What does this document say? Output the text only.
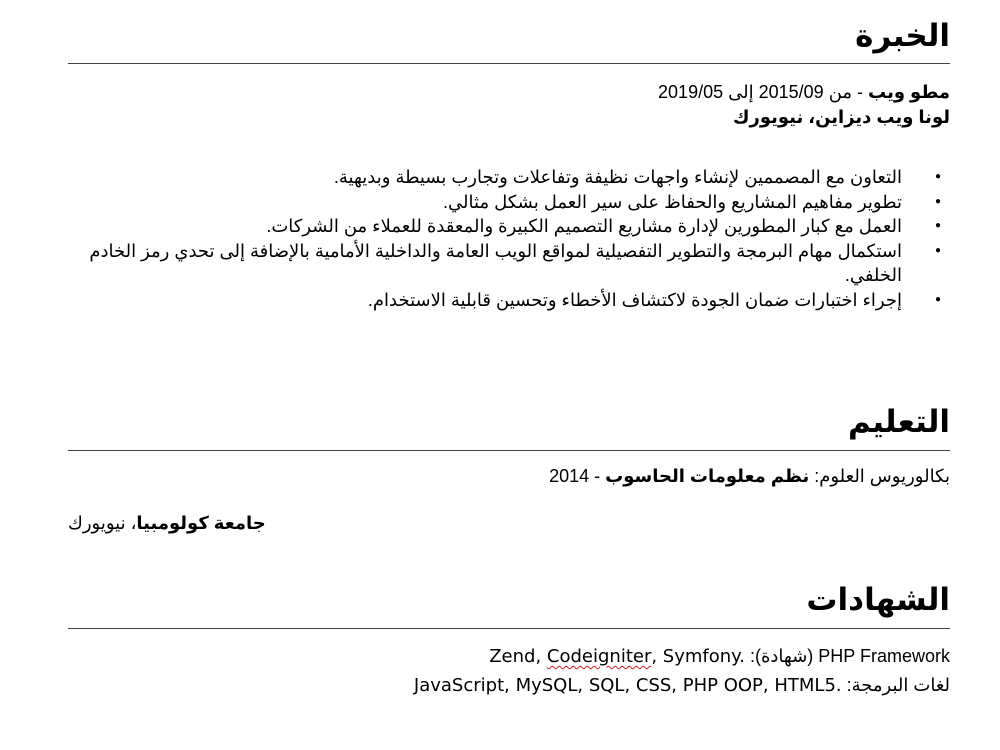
الخبرة
مطو ويب - من 2015/09 إلى 2019/05
لونا ويب ديزاين، نيويورك
● التعاون مع المصممين لإنشاء واجهات نظيفة وتفاعلات وتجارب بسيطة وبديهية.
● تطوير مفاهيم المشاريع والحفاظ على سير العمل بشكل مثالي.
● العمل مع كبار المطورين لإدارة مشاريع التصميم الكبيرة والمعقدة للعملاء من الشركات.
● استكمال مهام البرمجة والتطوير التفصيلية لمواقع الويب العامة والداخلية الأمامية بالإضافة إلى تحدي رمز الخادم الخلفي.
● إجراء اختبارات ضمان الجودة لاكتشاف الأخطاء وتحسين قابلية الاستخدام.
التعليم
بكالوريوس العلوم: نظم معلومات الحاسوب - 2014
جامعة كولومبيا، نيويورك
الشهادات
PHP Framework (شهادة): Zend, Codeigniter, Symfony.
لغات البرمجة: JavaScript, MySQL, SQL, CSS, PHP OOP, HTML5.
